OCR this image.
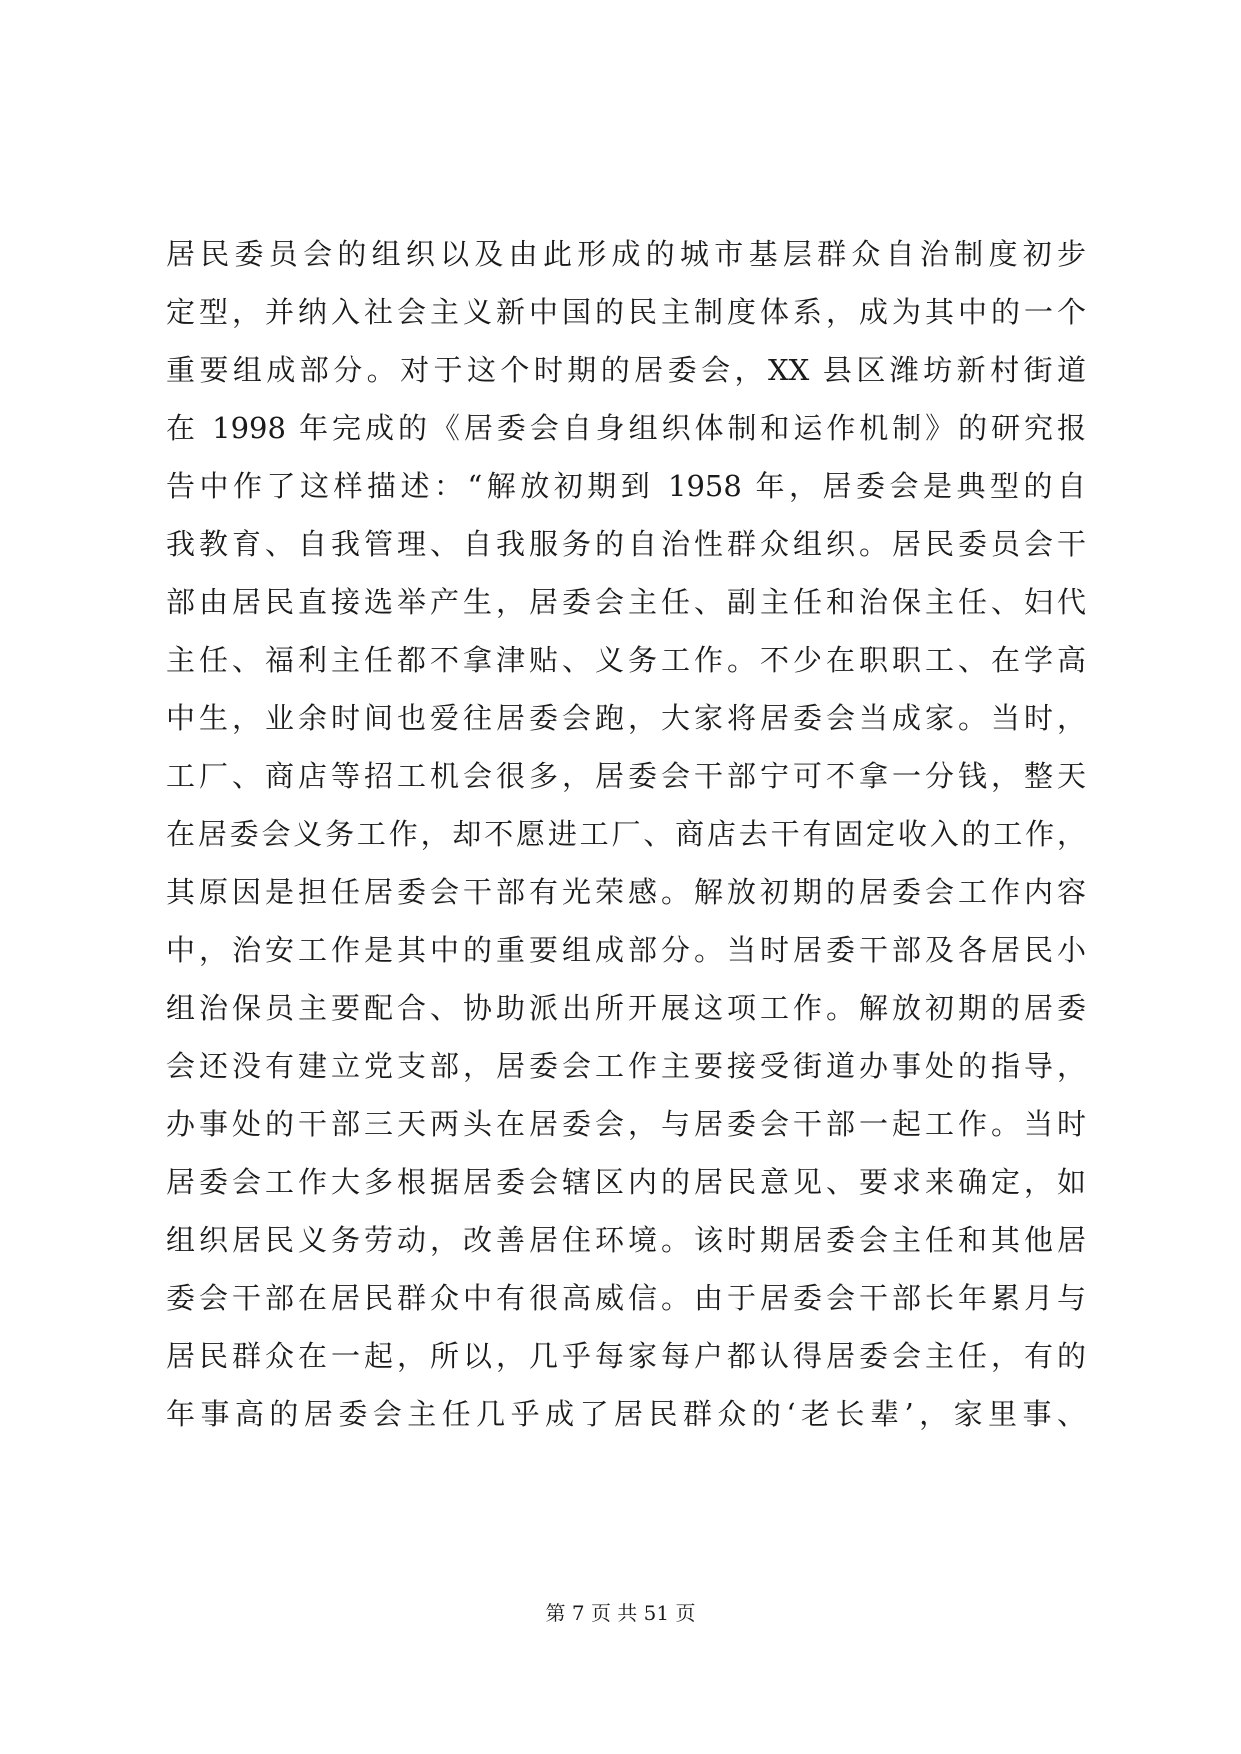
居民委员会的组织以及由此形成的城市基层群众自治制度初步
定型，并纳入社会主义新中国的民主制度体系，成为其中的一个
重要组成部分。对于这个时期的居委会，XX 县区潍坊新村街道
在 1998 年完成的《居委会自身组织体制和运作机制》的研究报
告中作了这样描述：“解放初期到 1958 年，居委会是典型的自
我教育、自我管理、自我服务的自治性群众组织。居民委员会干
部由居民直接选举产生，居委会主任、副主任和治保主任、妇代
主任、福利主任都不拿津贴、义务工作。不少在职职工、在学高
中生，业余时间也爱往居委会跑，大家将居委会当成家。当时，
工厂、商店等招工机会很多，居委会干部宁可不拿一分钱，整天
在居委会义务工作，却不愿进工厂、商店去干有固定收入的工作，
其原因是担任居委会干部有光荣感。解放初期的居委会工作内容
中，治安工作是其中的重要组成部分。当时居委干部及各居民小
组治保员主要配合、协助派出所开展这项工作。解放初期的居委
会还没有建立党支部，居委会工作主要接受街道办事处的指导，
办事处的干部三天两头在居委会，与居委会干部一起工作。当时
居委会工作大多根据居委会辖区内的居民意见、要求来确定，如
组织居民义务劳动，改善居住环境。该时期居委会主任和其他居
委会干部在居民群众中有很高威信。由于居委会干部长年累月与
居民群众在一起，所以，几乎每家每户都认得居委会主任，有的
年事高的居委会主任几乎成了居民群众的‘老长辈’，家里事、
第 7 页 共 51 页
